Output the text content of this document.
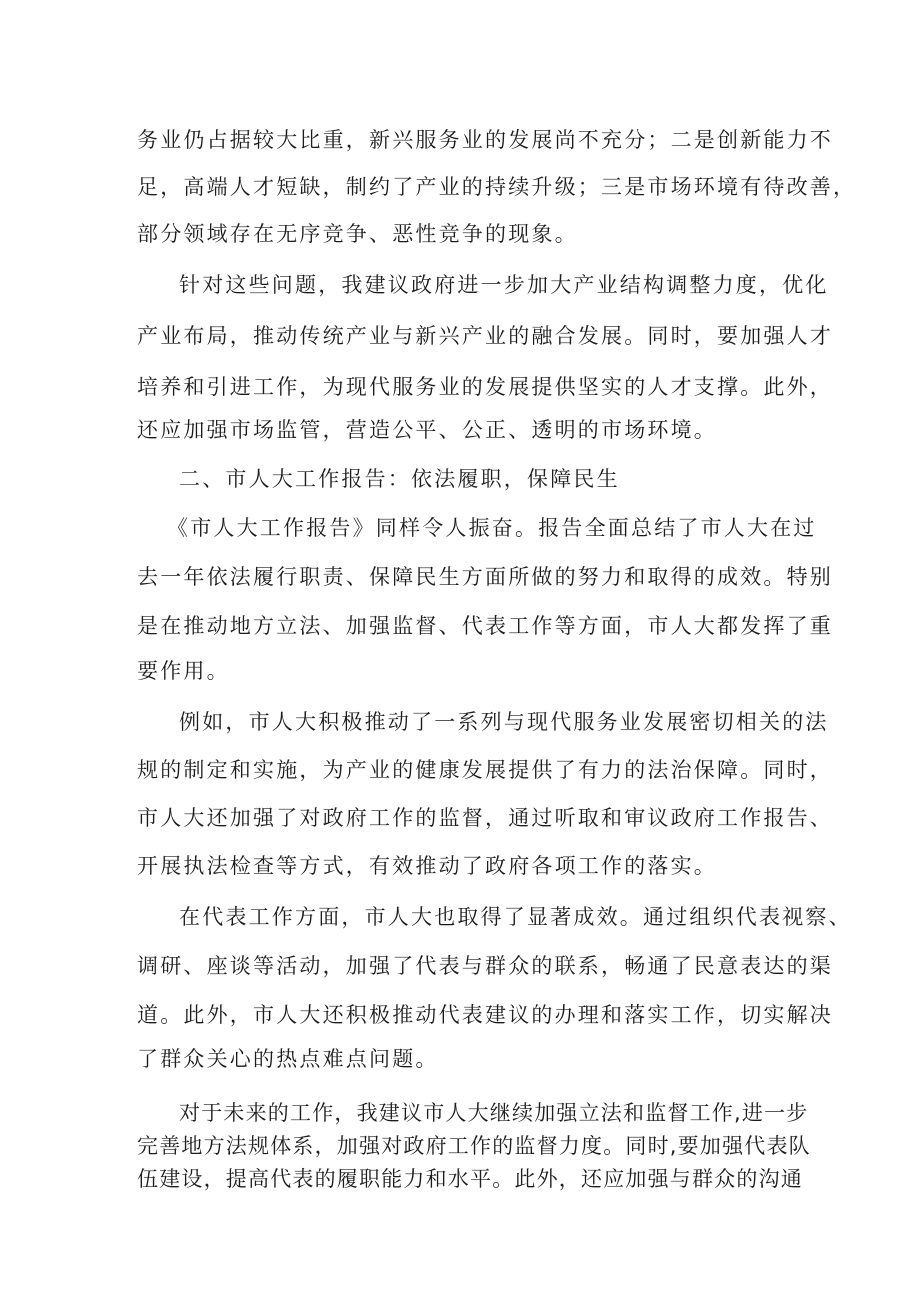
务业仍占据较大比重，新兴服务业的发展尚不充分；二是创新能力不

足，高端人才短缺，制约了产业的持续升级；三是市场环境有待改善，

部分领域存在无序竞争、恶性竞争的现象。

针对这些问题，我建议政府进一步加大产业结构调整力度，优化

产业布局，推动传统产业与新兴产业的融合发展。同时，要加强人才

培养和引进工作，为现代服务业的发展提供坚实的人才支撑。此外，

还应加强市场监管，营造公平、公正、透明的市场环境。

二、市人大工作报告：依法履职，保障民生

《市人大工作报告》同样令人振奋。报告全面总结了市人大在过

去一年依法履行职责、保障民生方面所做的努力和取得的成效。特别

是在推动地方立法、加强监督、代表工作等方面，市人大都发挥了重

要作用。

例如，市人大积极推动了一系列与现代服务业发展密切相关的法

规的制定和实施，为产业的健康发展提供了有力的法治保障。同时，

市人大还加强了对政府工作的监督，通过听取和审议政府工作报告、

开展执法检查等方式，有效推动了政府各项工作的落实。

在代表工作方面，市人大也取得了显著成效。通过组织代表视察、

调研、座谈等活动，加强了代表与群众的联系，畅通了民意表达的渠

道。此外，市人大还积极推动代表建议的办理和落实工作，切实解决

了群众关心的热点难点问题。

对于未来的工作，我建议市人大继续加强立法和监督工作,进一步

完善地方法规体系，加强对政府工作的监督力度。同时,要加强代表队

伍建设，提高代表的履职能力和水平。此外，还应加强与群众的沟通
